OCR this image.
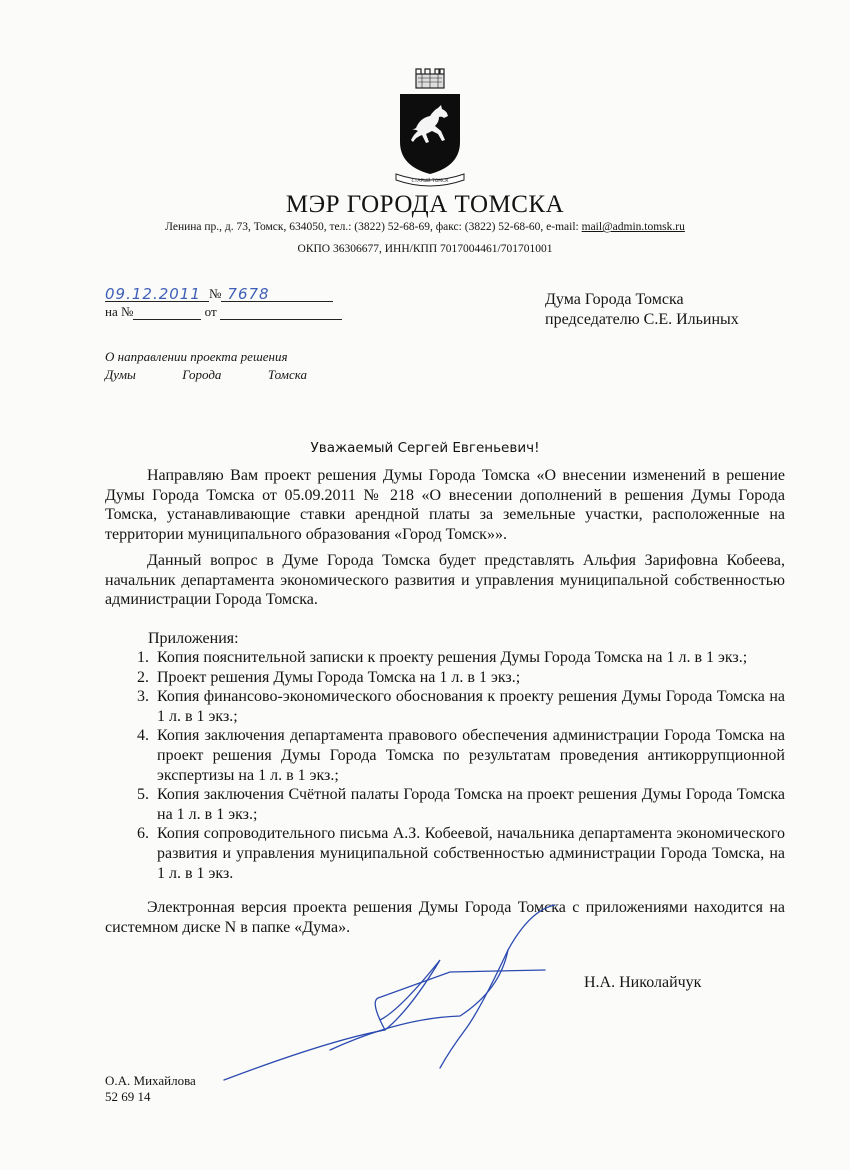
СТАРЫЙ ТОМСК
МЭР ГОРОДА ТОМСКА
Ленина пр., д. 73, Томск, 634050, тел.: (3822) 52-68-69, факс: (3822) 52-68-60, e-mail: mail@admin.tomsk.ru
ОКПО 36306677, ИНН/КПП 7017004461/701701001
09.12.2011 № 7678
на №	от
Дума Города Томска
председателю С.Е. Ильиных
О направлении проекта решения
Думы	Города	Томска
Уважаемый Сергей Евгеньевич!

Направляю Вам проект решения Думы Города Томска «О внесении изменений в решение Думы Города Томска от 05.09.2011 № 218 «О внесении дополнений в решения Думы Города Томска, устанавливающие ставки арендной платы за земельные участки, расположенные на территории муниципального образования «Город Томск»».

Данный вопрос в Думе Города Томска будет представлять Альфия Зарифовна Кобеева, начальник департамента экономического развития и управления муниципальной собственностью администрации Города Томска.

Приложения:
1. Копия пояснительной записки к проекту решения Думы Города Томска на 1 л. в 1 экз.;
2. Проект решения Думы Города Томска на 1 л. в 1 экз.;
3. Копия финансово-экономического обоснования к проекту решения Думы Города Томска на 1 л. в 1 экз.;
4. Копия заключения департамента правового обеспечения администрации Города Томска на проект решения Думы Города Томска по результатам проведения антикоррупционной экспертизы на 1 л. в 1 экз.;
5. Копия заключения Счётной палаты Города Томска на проект решения Думы Города Томска на 1 л. в 1 экз.;
6. Копия сопроводительного письма А.З. Кобеевой, начальника департамента экономического развития и управления муниципальной собственностью администрации Города Томска, на 1 л. в 1 экз.

Электронная версия проекта решения Думы Города Томска с приложениями находится на системном диске N в папке «Дума».

Н.А. Николайчук
О.А. Михайлова
52 69 14
